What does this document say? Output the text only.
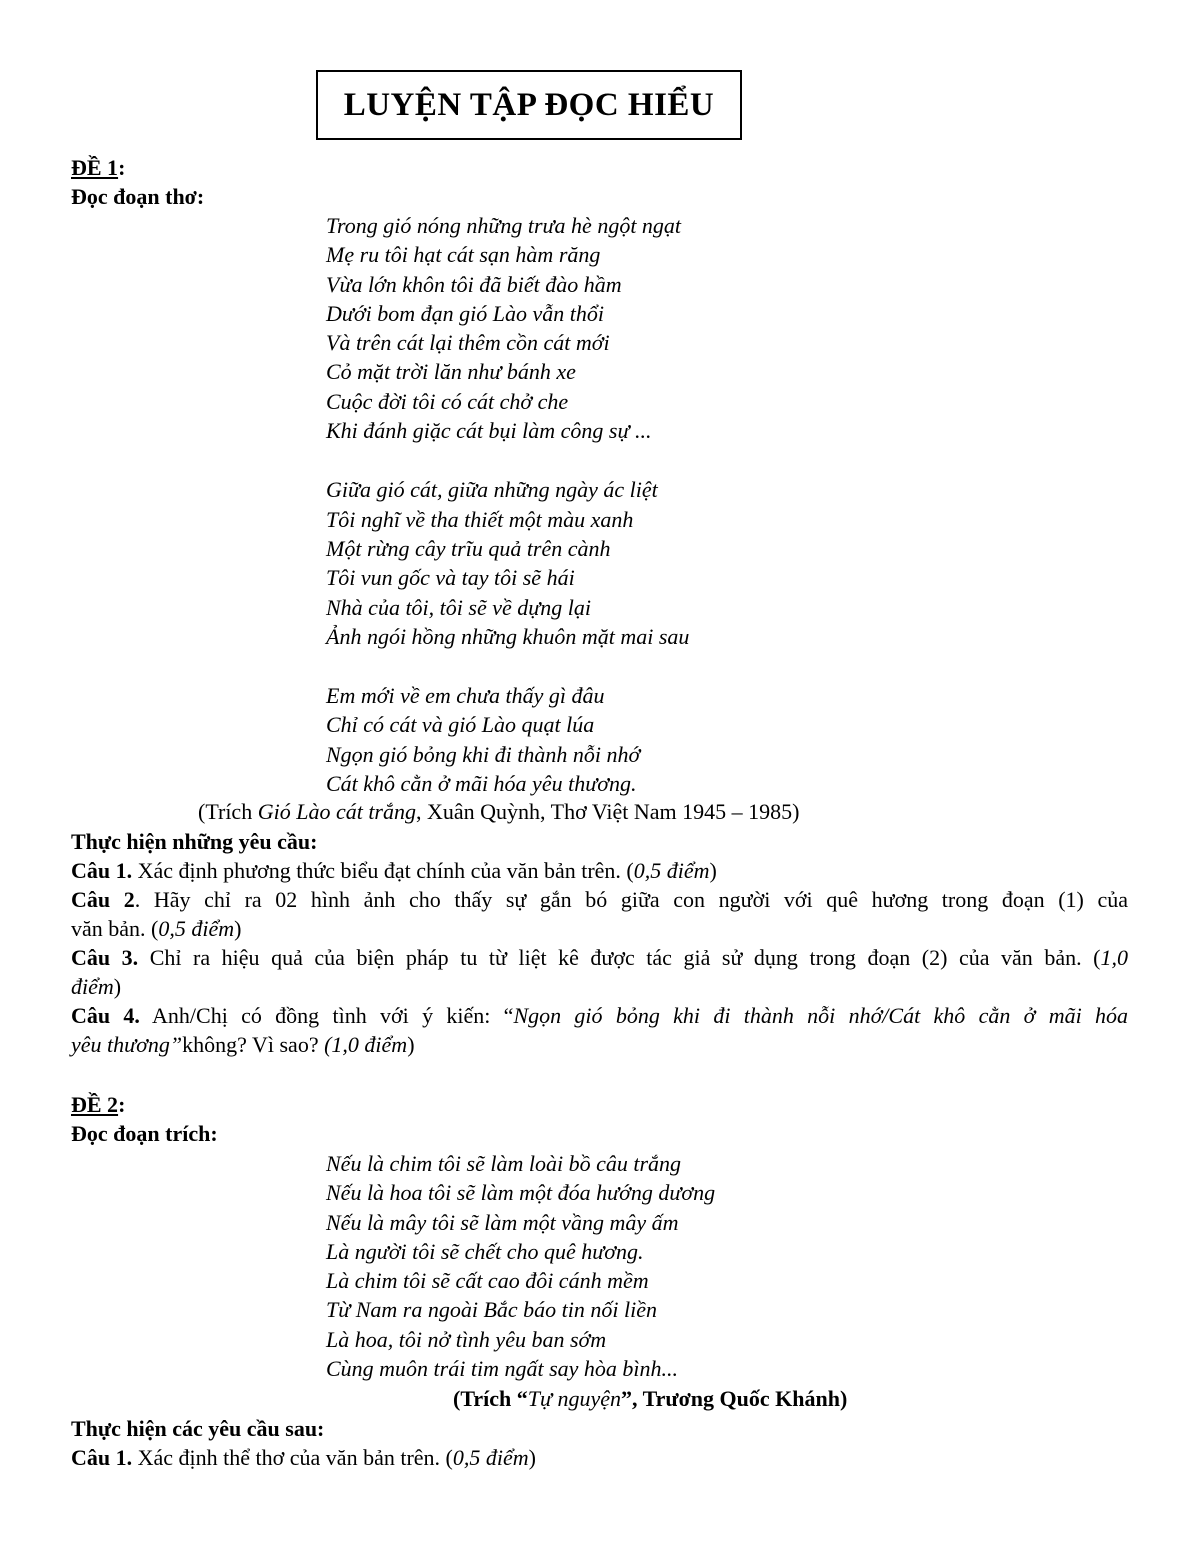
LUYỆN TẬP ĐỌC HIỂU
ĐỀ 1:
Đọc đoạn thơ:
Trong gió nóng những trưa hè ngột ngạt
Mẹ ru tôi hạt cát sạn hàm răng
Vừa lớn khôn tôi đã biết đào hầm
Dưới bom đạn gió Lào vẫn thổi
Và trên cát lại thêm cồn cát mới
Cỏ mặt trời lăn như bánh xe
Cuộc đời tôi có cát chở che
Khi đánh giặc cát bụi làm công sự ...
Giữa gió cát, giữa những ngày ác liệt
Tôi nghĩ về tha thiết một màu xanh
Một rừng cây trĩu quả trên cành
Tôi vun gốc và tay tôi sẽ hái
Nhà của tôi, tôi sẽ về dựng lại
Ảnh ngói hồng những khuôn mặt mai sau
Em mới về em chưa thấy gì đâu
Chỉ có cát và gió Lào quạt lúa
Ngọn gió bỏng khi đi thành nỗi nhớ
Cát khô cằn ở mãi hóa yêu thương.
(Trích Gió Lào cát trắng, Xuân Quỳnh, Thơ Việt Nam 1945 – 1985)
Thực hiện những yêu cầu:
Câu 1. Xác định phương thức biểu đạt chính của văn bản trên. (0,5 điểm)
Câu 2. Hãy chỉ ra 02 hình ảnh cho thấy sự gắn bó giữa con người với quê hương trong đoạn (1) của
văn bản. (0,5 điểm)
Câu 3. Chỉ ra hiệu quả của biện pháp tu từ liệt kê được tác giả sử dụng trong đoạn (2) của văn bản. (1,0
điểm)
Câu 4. Anh/Chị có đồng tình với ý kiến: “Ngọn gió bỏng khi đi thành nỗi nhớ/Cát khô cằn ở mãi hóa
yêu thương”không? Vì sao? (1,0 điểm)
ĐỀ 2:
Đọc đoạn trích:
Nếu là chim tôi sẽ làm loài bồ câu trắng
Nếu là hoa tôi sẽ làm một đóa hướng dương
Nếu là mây tôi sẽ làm một vầng mây ấm
Là người tôi sẽ chết cho quê hương.
Là chim tôi sẽ cất cao đôi cánh mềm
Từ Nam ra ngoài Bắc báo tin nối liền
Là hoa, tôi nở tình yêu ban sớm
Cùng muôn trái tim ngất say hòa bình...
(Trích “Tự nguyện”, Trương Quốc Khánh)
Thực hiện các yêu cầu sau:
Câu 1. Xác định thể thơ của văn bản trên. (0,5 điểm)
